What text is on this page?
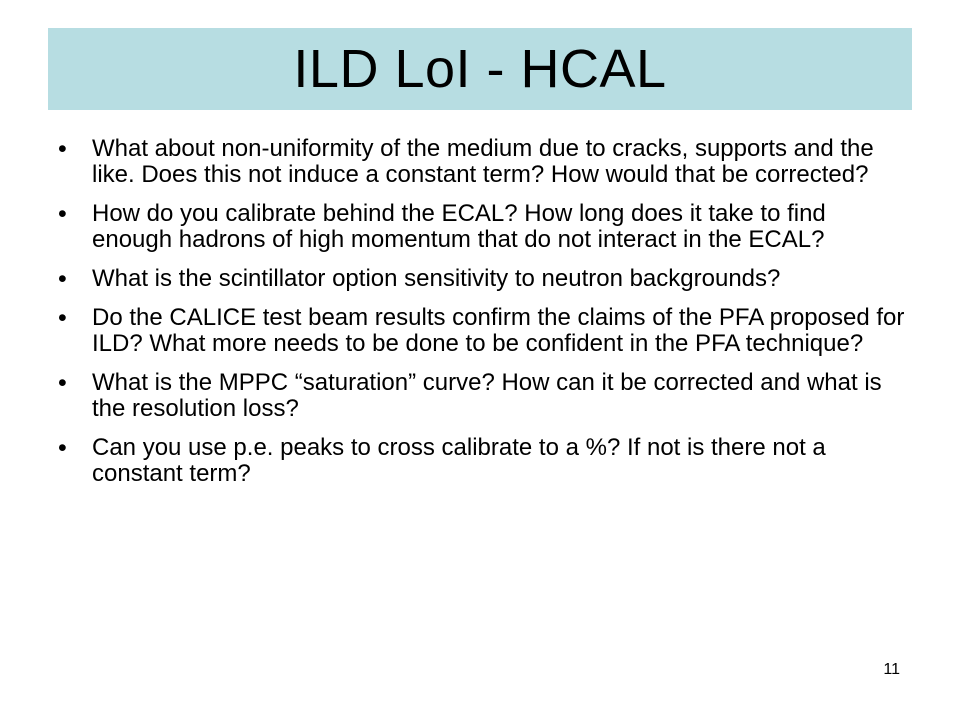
ILD LoI - HCAL
•	What about non-uniformity of the medium due to cracks, supports and the like. Does this not induce a constant term? How would that be corrected?
•	How do you calibrate behind the ECAL? How long does it take to find enough hadrons of high momentum that do not interact in the ECAL?
•	What is the scintillator option sensitivity to neutron backgrounds?
•	Do the CALICE test beam results confirm the claims of the PFA proposed for ILD? What more needs to be done to be confident in the PFA technique?
•	What is the MPPC “saturation” curve? How can it be corrected and what is the resolution loss?
•	Can you use p.e. peaks to cross calibrate to a %? If not is there not a constant term?
11
